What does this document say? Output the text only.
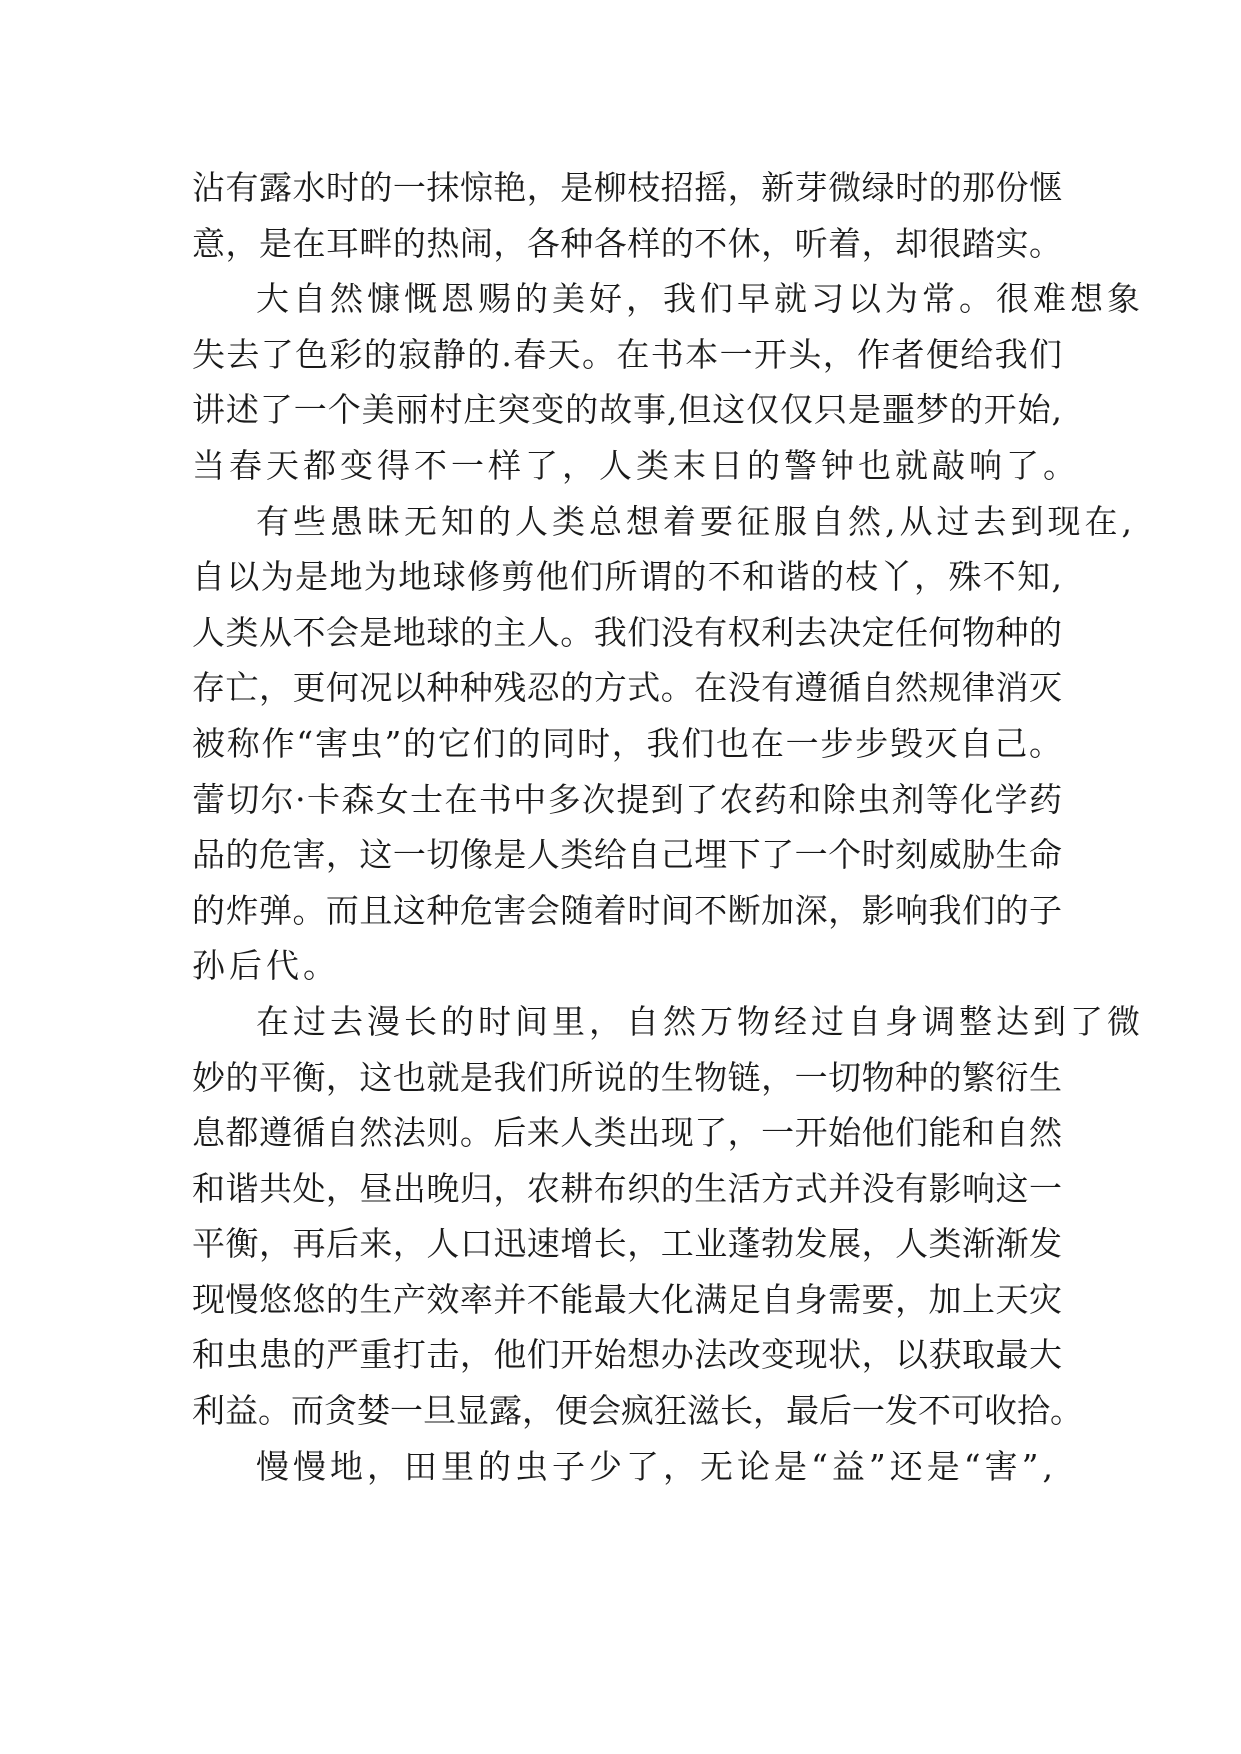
沾有露水时的一抹惊艳，是柳枝招摇，新芽微绿时的那份惬
意，是在耳畔的热闹，各种各样的不休，听着，却很踏实。
大自然慷慨恩赐的美好，我们早就习以为常。很难想象
失去了色彩的寂静的.春天。在书本一开头，作者便给我们
讲述了一个美丽村庄突变的故事,但这仅仅只是噩梦的开始,
当春天都变得不一样了，人类末日的警钟也就敲响了。
有些愚昧无知的人类总想着要征服自然,从过去到现在,
自以为是地为地球修剪他们所谓的不和谐的枝丫，殊不知,
人类从不会是地球的主人。我们没有权利去决定任何物种的
存亡，更何况以种种残忍的方式。在没有遵循自然规律消灭
被称作“害虫”的它们的同时，我们也在一步步毁灭自己。
蕾切尔·卡森女士在书中多次提到了农药和除虫剂等化学药
品的危害，这一切像是人类给自己埋下了一个时刻威胁生命
的炸弹。而且这种危害会随着时间不断加深，影响我们的子
孙后代。
在过去漫长的时间里，自然万物经过自身调整达到了微
妙的平衡，这也就是我们所说的生物链，一切物种的繁衍生
息都遵循自然法则。后来人类出现了，一开始他们能和自然
和谐共处，昼出晚归，农耕布织的生活方式并没有影响这一
平衡，再后来，人口迅速增长，工业蓬勃发展，人类渐渐发
现慢悠悠的生产效率并不能最大化满足自身需要，加上天灾
和虫患的严重打击，他们开始想办法改变现状，以获取最大
利益。而贪婪一旦显露，便会疯狂滋长，最后一发不可收拾。
慢慢地，田里的虫子少了，无论是“益”还是“害”,
